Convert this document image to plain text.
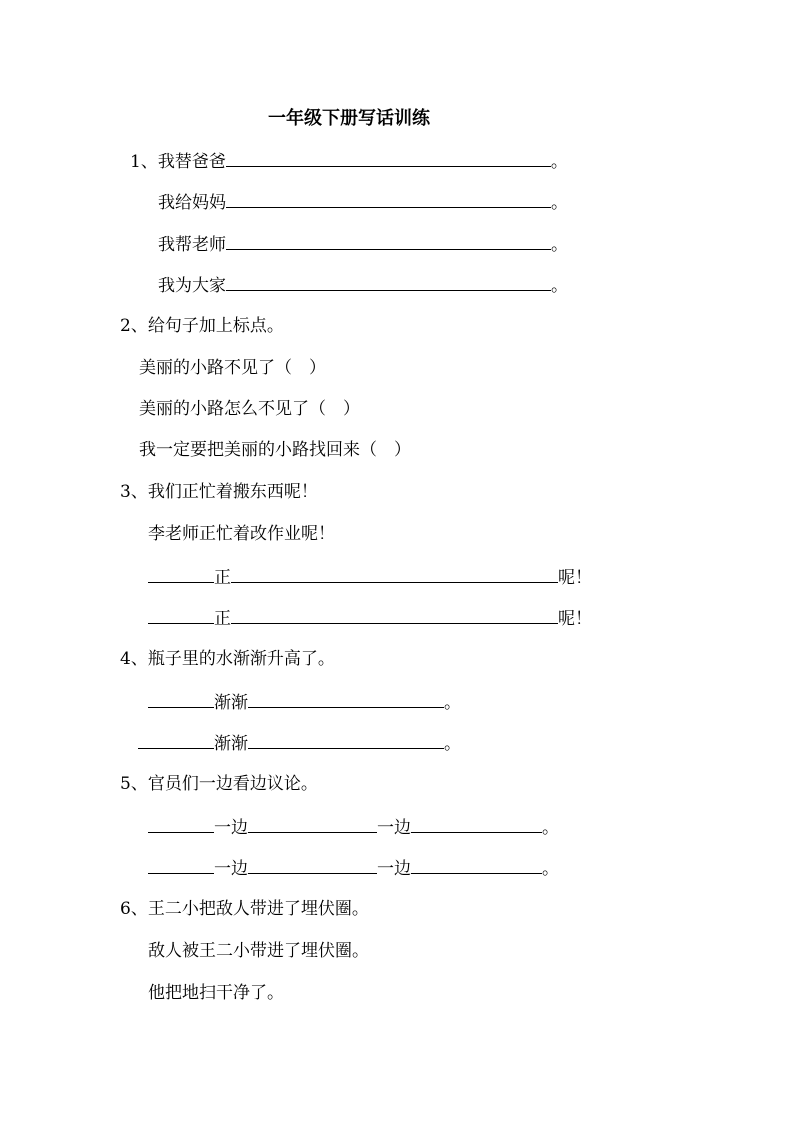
一年级下册写话训练
1、我替爸爸	。
我给妈妈	。
我帮老师	。
我为大家	。
2、给句子加上标点。
美丽的小路不见了（　）
美丽的小路怎么不见了（　）
我一定要把美丽的小路找回来（　）
3、我们正忙着搬东西呢！
李老师正忙着改作业呢！
正	呢！
正	呢！
4、瓶子里的水渐渐升高了。
渐渐	。
渐渐	。
5、官员们一边看边议论。
一边	一边	。
一边	一边	。
6、王二小把敌人带进了埋伏圈。
敌人被王二小带进了埋伏圈。
他把地扫干净了。
